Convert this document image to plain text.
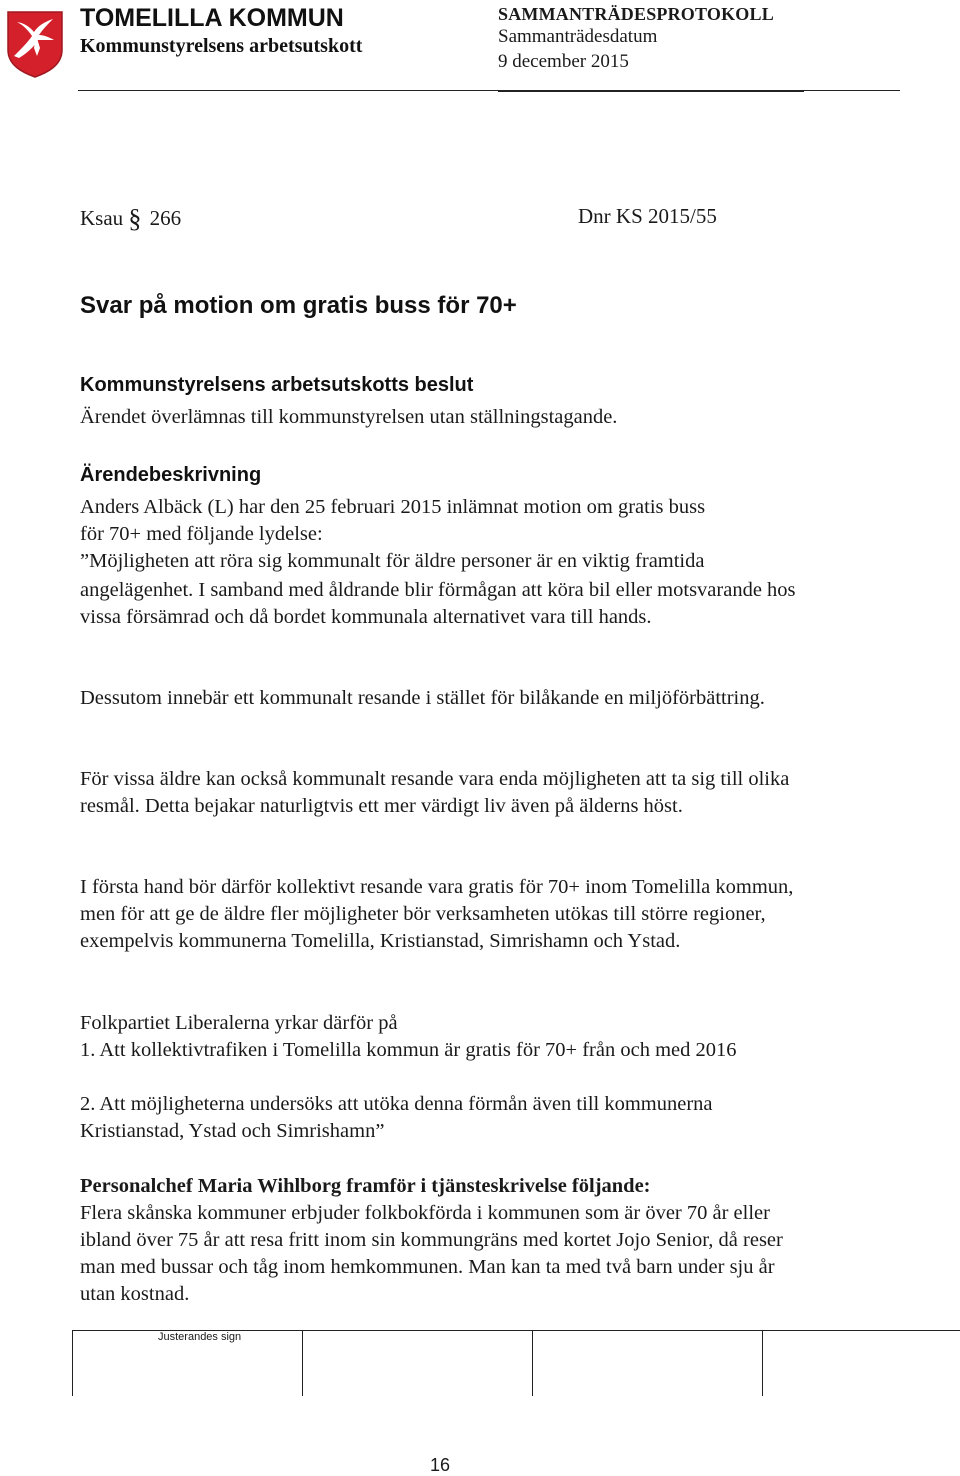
TOMELILLA KOMMUN
Kommunstyrelsens arbetsutskott
SAMMANTRÄDESPROTOKOLL
Sammanträdesdatum
9 december 2015
Ksau § 266	Dnr KS 2015/55
Svar på motion om gratis buss för 70+
Kommunstyrelsens arbetsutskotts beslut
Ärendet överlämnas till kommunstyrelsen utan ställningstagande.
Ärendebeskrivning
Anders Albäck (L) har den 25 februari 2015 inlämnat motion om gratis buss
för 70+ med följande lydelse:
”Möjligheten att röra sig kommunalt för äldre personer är en viktig framtida
angelägenhet. I samband med åldrande blir förmågan att köra bil eller motsvarande hos vissa försämrad och då bordet kommunala alternativet vara till hands.
Dessutom innebär ett kommunalt resande i stället för bilåkande en miljöförbättring.
För vissa äldre kan också kommunalt resande vara enda möjligheten att ta sig till olika resmål. Detta bejakar naturligtvis ett mer värdigt liv även på älderns höst.
I första hand bör därför kollektivt resande vara gratis för 70+ inom Tomelilla kommun, men för att ge de äldre fler möjligheter bör verksamheten utökas till större regioner, exempelvis kommunerna Tomelilla, Kristianstad, Simrishamn och Ystad.
Folkpartiet Liberalerna yrkar därför på
1. Att kollektivtrafiken i Tomelilla kommun är gratis för 70+ från och med 2016
2. Att möjligheterna undersöks att utöka denna förmån även till kommunerna Kristianstad, Ystad och Simrishamn”
Personalchef Maria Wihlborg framför i tjänsteskrivelse följande:
Flera skånska kommuner erbjuder folkbokförda i kommunen som är över 70 år eller ibland över 75 år att resa fritt inom sin kommungräns med kortet Jojo Senior, då reser man med bussar och tåg inom hemkommunen. Man kan ta med två barn under sju år utan kostnad.
Justerandes sign
16
